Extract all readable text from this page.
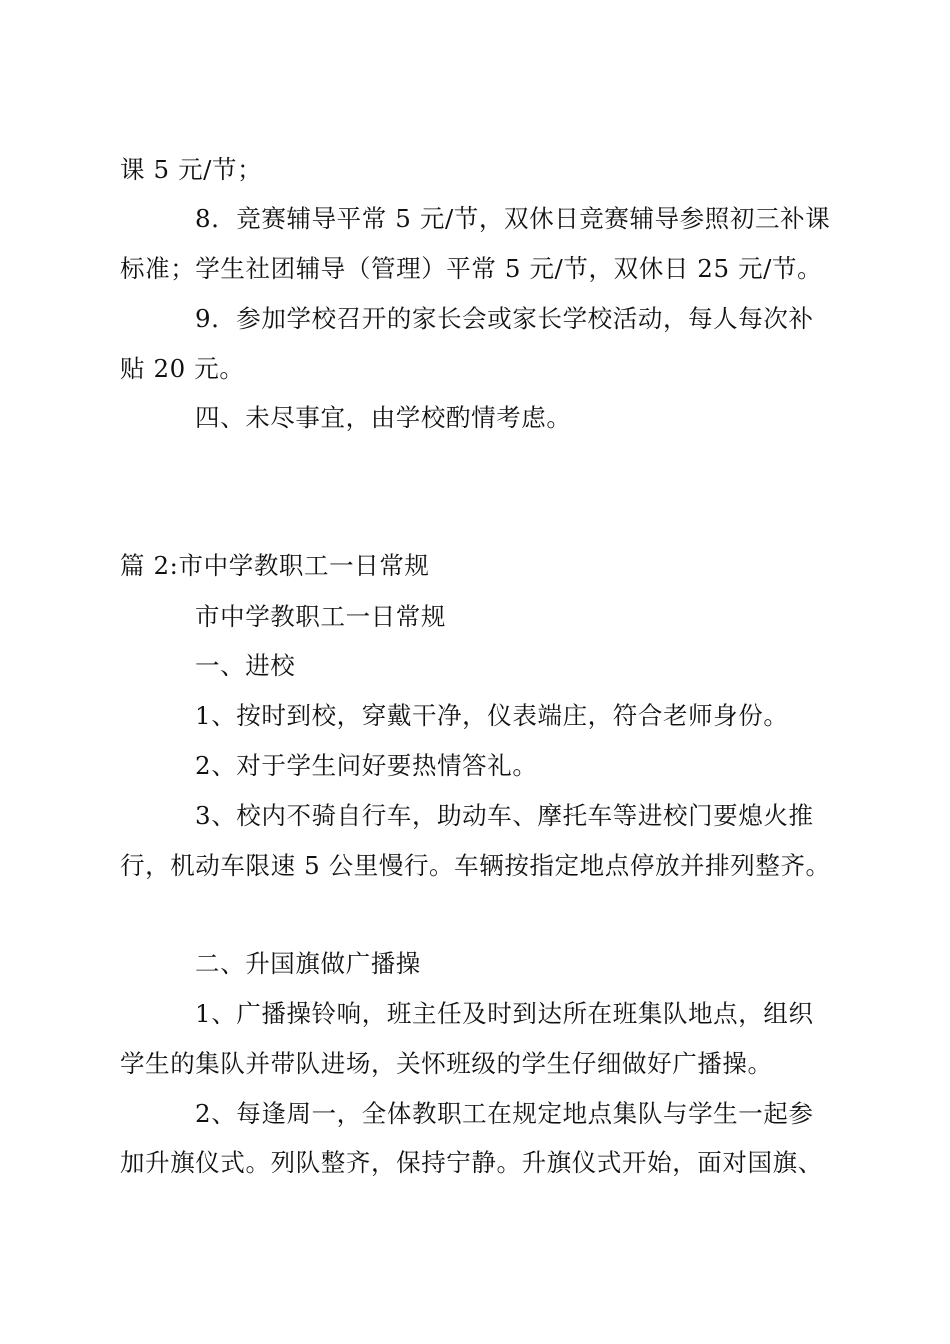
课 5 元/节；
8．竞赛辅导平常 5 元/节，双休日竞赛辅导参照初三补课
标准；学生社团辅导（管理）平常 5 元/节，双休日 25 元/节。
9．参加学校召开的家长会或家长学校活动，每人每次补
贴 20 元。
四、未尽事宜，由学校酌情考虑。
篇 2:市中学教职工一日常规
市中学教职工一日常规
一、进校
1、按时到校，穿戴干净，仪表端庄，符合老师身份。
2、对于学生问好要热情答礼。
3、校内不骑自行车，助动车、摩托车等进校门要熄火推
行，机动车限速 5 公里慢行。车辆按指定地点停放并排列整齐。
二、升国旗做广播操
1、广播操铃响，班主任及时到达所在班集队地点，组织
学生的集队并带队进场，关怀班级的学生仔细做好广播操。
2、每逢周一，全体教职工在规定地点集队与学生一起参
加升旗仪式。列队整齐，保持宁静。升旗仪式开始，面对国旗、
